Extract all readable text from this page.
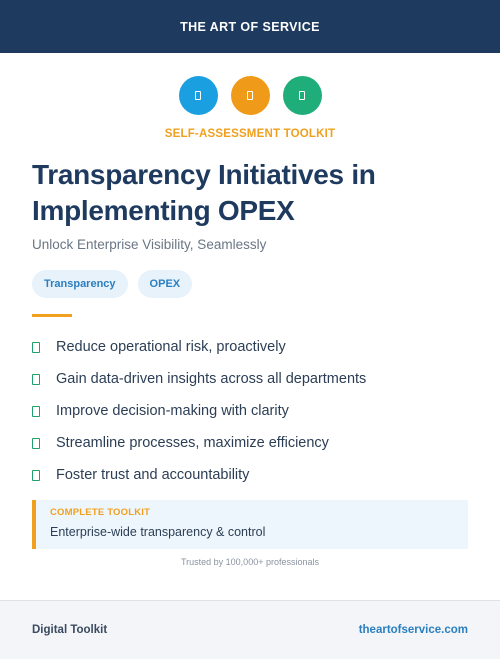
THE ART OF SERVICE
SELF-ASSESSMENT TOOLKIT
Transparency Initiatives in Implementing OPEX
Unlock Enterprise Visibility, Seamlessly
Transparency	OPEX
Reduce operational risk, proactively
Gain data-driven insights across all departments
Improve decision-making with clarity
Streamline processes, maximize efficiency
Foster trust and accountability
COMPLETE TOOLKIT
Enterprise-wide transparency & control
Trusted by 100,000+ professionals
Digital Toolkit	theartofservice.com
